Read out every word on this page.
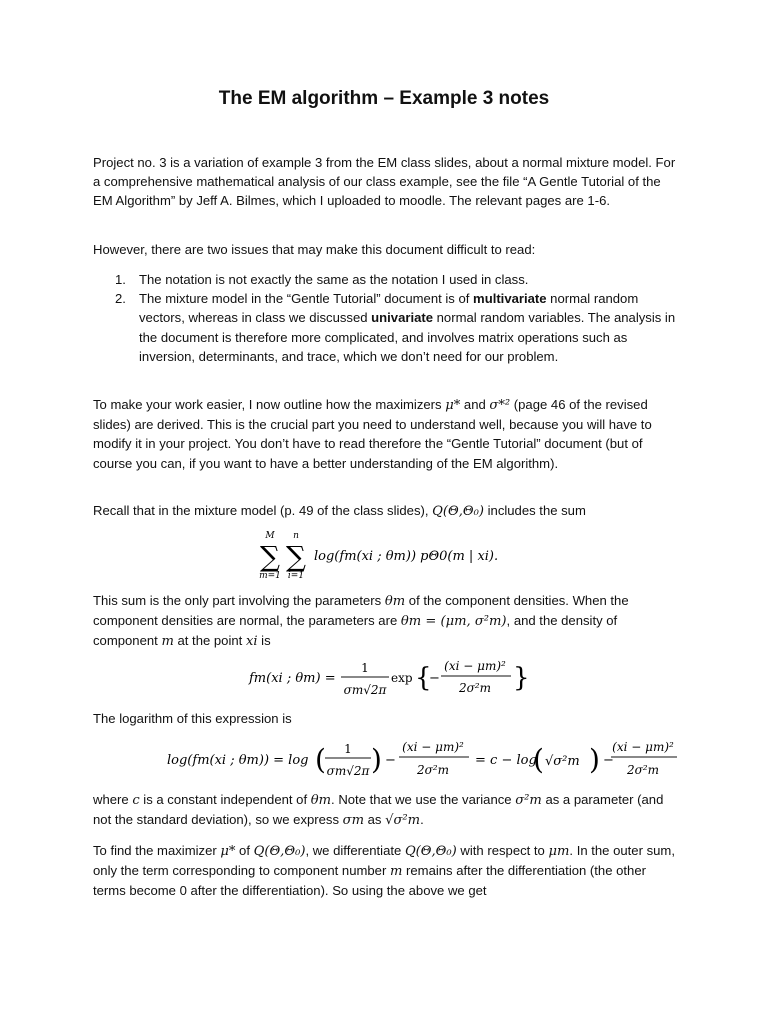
The EM algorithm – Example 3 notes

Project no. 3 is a variation of example 3 from the EM class slides, about a normal mixture model. For a comprehensive mathematical analysis of our class example, see the file “A Gentle Tutorial of the EM Algorithm” by Jeff A. Bilmes, which I uploaded to moodle. The relevant pages are 1-6.

However, there are two issues that may make this document difficult to read:

1. The notation is not exactly the same as the notation I used in class.
2. The mixture model in the “Gentle Tutorial” document is of multivariate normal random vectors, whereas in class we discussed univariate normal random variables. The analysis in the document is therefore more complicated, and involves matrix operations such as inversion, determinants, and trace, which we don’t need for our problem.

To make your work easier, I now outline how the maximizers μ* and σ*² (page 46 of the revised slides) are derived. This is the crucial part you need to understand well, because you will have to modify it in your project. You don’t have to read therefore the “Gentle Tutorial” document (but of course you can, if you want to have a better understanding of the EM algorithm).

Recall that in the mixture model (p. 49 of the class slides), Q(Θ,Θ₀) includes the sum

M n
∑ ∑
m=1 i=1
log(fm(xi ; θm)) pΘ0(m | xi).

This sum is the only part involving the parameters θm of the component densities. When the component densities are normal, the parameters are θm = (μm, σ²m), and the density of component m at the point xi is

fm(xi ; θm) =
1
σm√2π
exp {
−
(xi − μm)²
2σ²m }

The logarithm of this expression is

log(fm(xi ; θm)) = log ( 1
σm√2π ) −
(xi − μm)²
2σ²m
= c − log
( √σ²m ) −
(xi − μm)²
2σ²m

where c is a constant independent of θm. Note that we use the variance σ²m as a parameter (and not the standard deviation), so we express σm as √σ²m.

To find the maximizer μ* of Q(Θ,Θ₀), we differentiate Q(Θ,Θ₀) with respect to μm. In the outer sum, only the term corresponding to component number m remains after the differentiation (the other terms become 0 after the differentiation). So using the above we get
